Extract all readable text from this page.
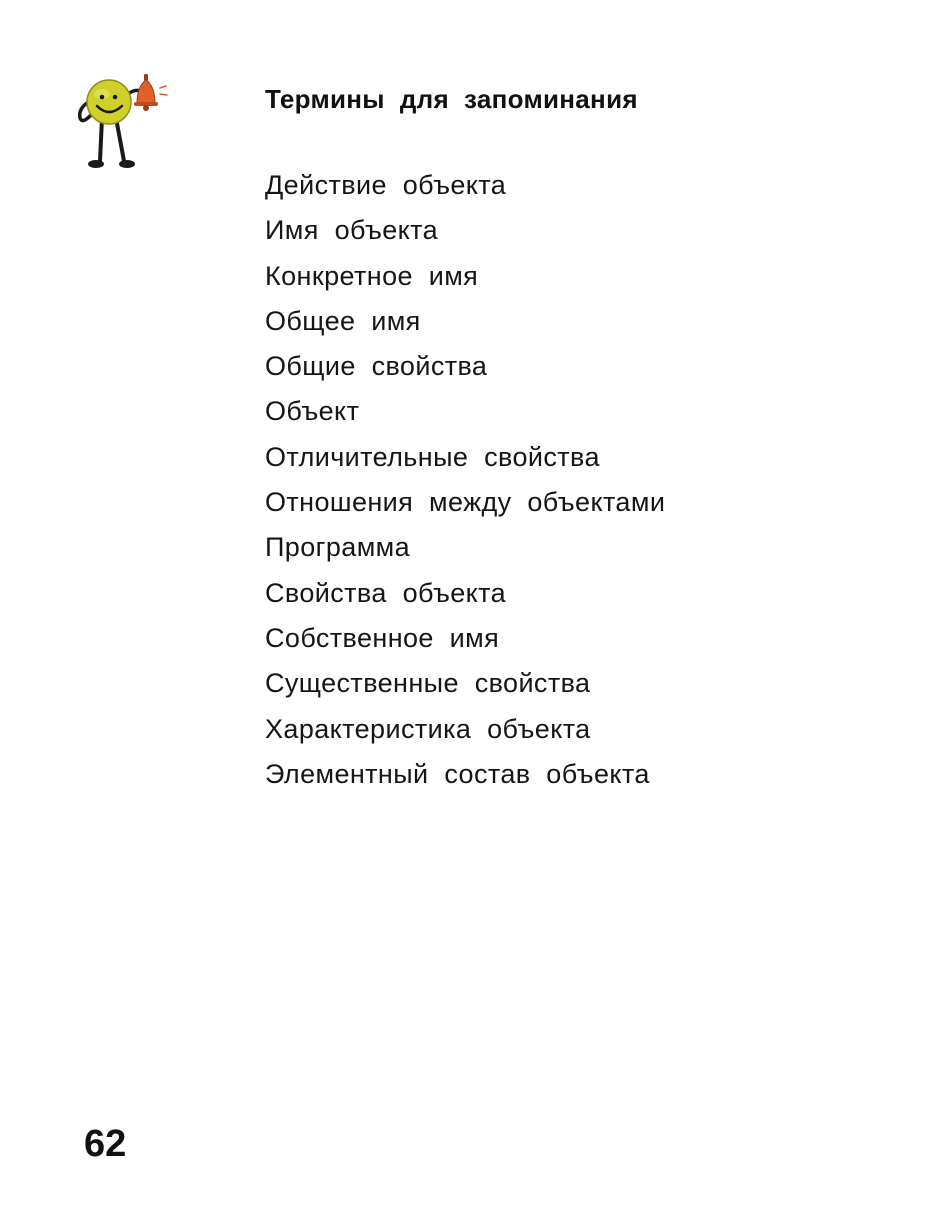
Термины  для  запоминания
Действие  объекта
Имя  объекта
Конкретное  имя
Общее  имя
Общие  свойства
Объект
Отличительные  свойства
Отношения  между  объектами
Программа
Свойства  объекта
Собственное  имя
Существенные  свойства
Характеристика  объекта
Элементный  состав  объекта
62
